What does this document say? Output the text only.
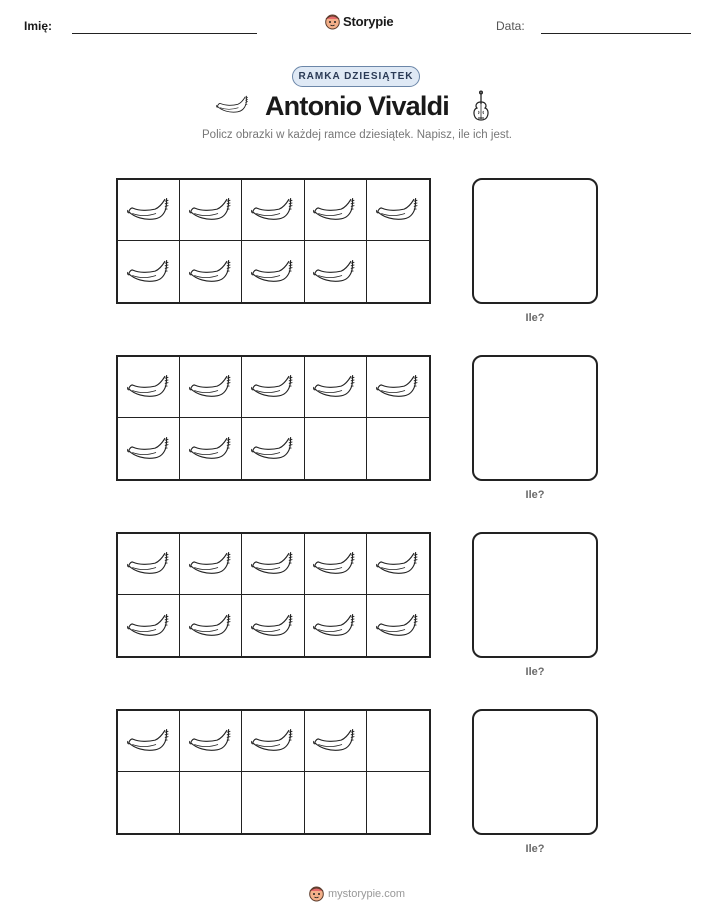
Imię:	Storypie	Data:
RAMKA DZIESIĄTEK
Antonio Vivaldi
Policz obrazki w każdej ramce dziesiątek. Napisz, ile ich jest.
Ile?
Ile?
Ile?
Ile?
mystorypie.com
